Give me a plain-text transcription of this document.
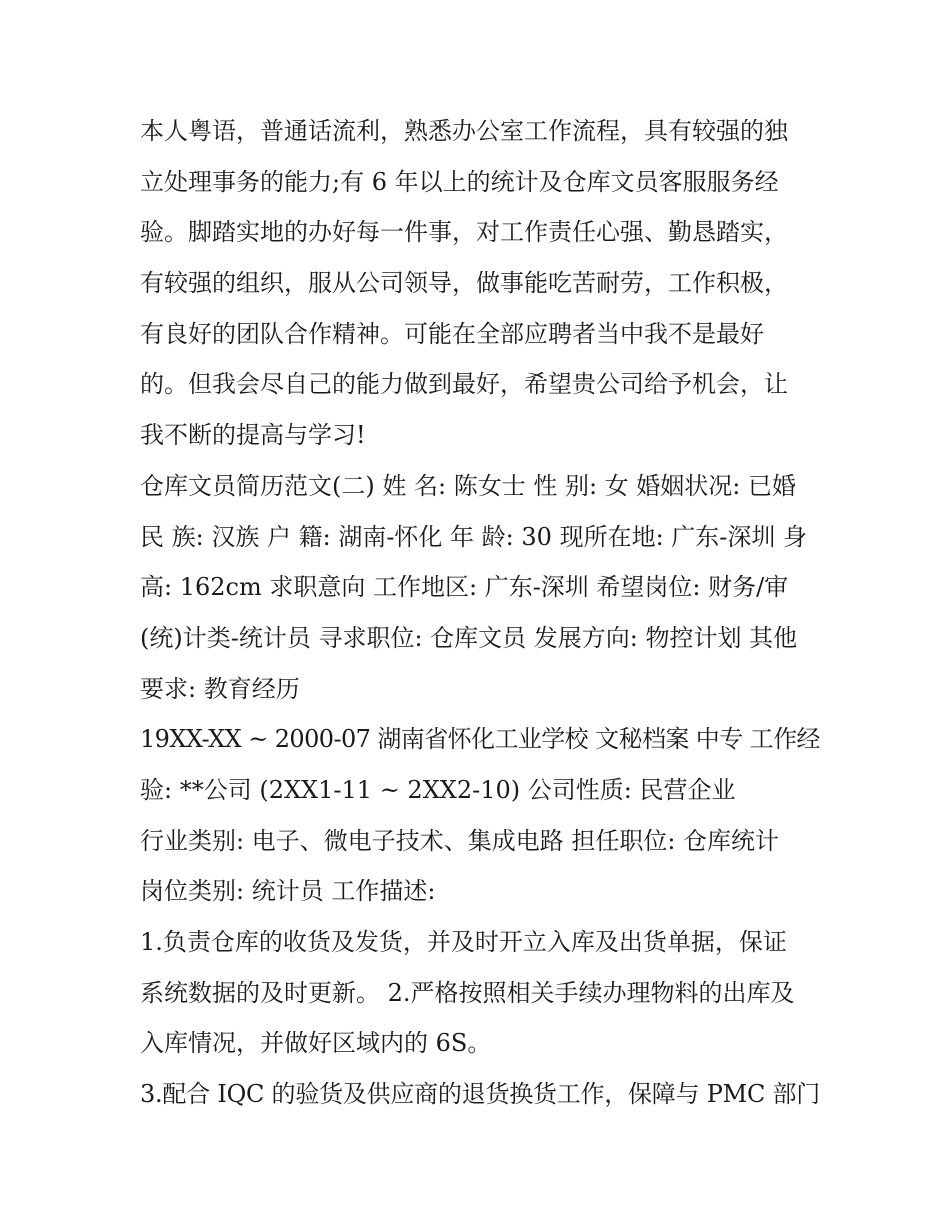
本人粤语，普通话流利，熟悉办公室工作流程，具有较强的独
立处理事务的能力;有 6 年以上的统计及仓库文员客服服务经
验。脚踏实地的办好每一件事，对工作责任心强、勤恳踏实，
有较强的组织，服从公司领导，做事能吃苦耐劳，工作积极，
有良好的团队合作精神。可能在全部应聘者当中我不是最好
的。但我会尽自己的能力做到最好，希望贵公司给予机会，让
我不断的提高与学习!
仓库文员简历范文(二) 姓 名: 陈女士 性 别: 女 婚姻状况: 已婚
民 族: 汉族 户 籍: 湖南-怀化 年 龄: 30 现所在地: 广东-深圳 身
高: 162cm 求职意向 工作地区: 广东-深圳 希望岗位: 财务/审
(统)计类-统计员 寻求职位: 仓库文员 发展方向: 物控计划 其他
要求: 教育经历
19XX-XX ~ 2000-07 湖南省怀化工业学校 文秘档案 中专 工作经
验: **公司 (2XX1-11 ~ 2XX2-10) 公司性质: 民营企业
行业类别: 电子、微电子技术、集成电路 担任职位: 仓库统计
岗位类别: 统计员 工作描述:
1.负责仓库的收货及发货，并及时开立入库及出货单据，保证
系统数据的及时更新。 2.严格按照相关手续办理物料的出库及
入库情况，并做好区域内的 6S。
3.配合 IQC 的验货及供应商的退货换货工作，保障与 PMC 部门
